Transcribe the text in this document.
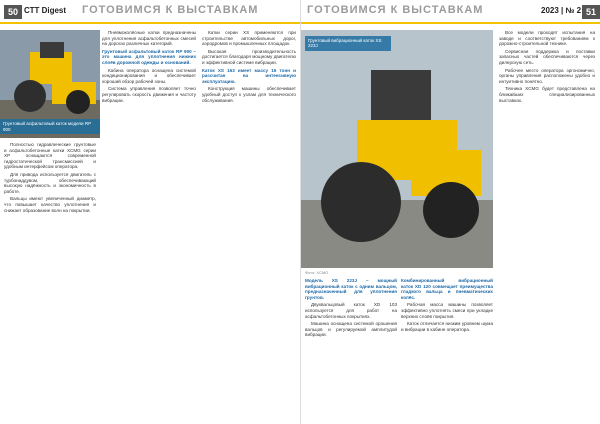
50 СТТ Digest ГОТОВИМСЯ К ВЫСТАВКАМ
Грунтовый асфальтовый каток модели RP 900

Полностью гидравлические грунтовые и асфальтобетонные катки XCMG серии XP оснащаются современной гидростатической трансмиссией и удобным интерфейсом оператора.

Для привода используется двигатель с турбонаддувом, обеспечивающий высокую надёжность и экономичность в работе.

Вальцы имеют увеличенный диаметр, что повышает качество уплотнения и снижает образование волн на покрытии.

Пневмоколёсные катки предназначены для уплотнения асфальтобетонных смесей на дорогах различных категорий.

Грунтовый асфальтовый каток RP 900 – это машина для уплотнения нижних слоёв дорожной одежды и оснований.

Кабина оператора оснащена системой кондиционирования и обеспечивает хороший обзор рабочей зоны.

Система управления позволяет точно регулировать скорость движения и частоту вибрации.

Катки серии XS применяются при строительстве автомобильных дорог, аэродромов и промышленных площадок.

Высокая производительность достигается благодаря мощному двигателю и эффективной системе вибрации.

Каток XS 163 имеет массу 16 тонн и рассчитан на интенсивную эксплуатацию.

Конструкция машины обеспечивает удобный доступ к узлам для технического обслуживания.

ГОТОВИМСЯ К ВЫСТАВКАМ	2023 | № 2 51
Грунтовый вибрационный каток XS 223J
Фото: XCMG

Модель XS 223J – мощный вибрационный каток с одним вальцом, предназначенный для уплотнения грунтов.

Двухвальцовый каток XD 103 используется для работ на асфальтобетонных покрытиях.

Машина оснащена системой орошения вальцов и регулируемой амплитудой вибрации.

Комбинированный вибрационный каток XD 120 совмещает преимущества гладкого вальца и пневматических колёс.

Рабочая масса машины позволяет эффективно уплотнять смеси при укладке верхних слоёв покрытия.

Каток отличается низким уровнем шума и вибрации в кабине оператора.

Все модели проходят испытания на заводе и соответствуют требованиям к дорожно-строительной технике.

Сервисная поддержка и поставки запасных частей обеспечиваются через дилерскую сеть.

Рабочее место оператора эргономично, органы управления расположены удобно и интуитивно понятно.

Техника XCMG будет представлена на ближайших специализированных выставках.
